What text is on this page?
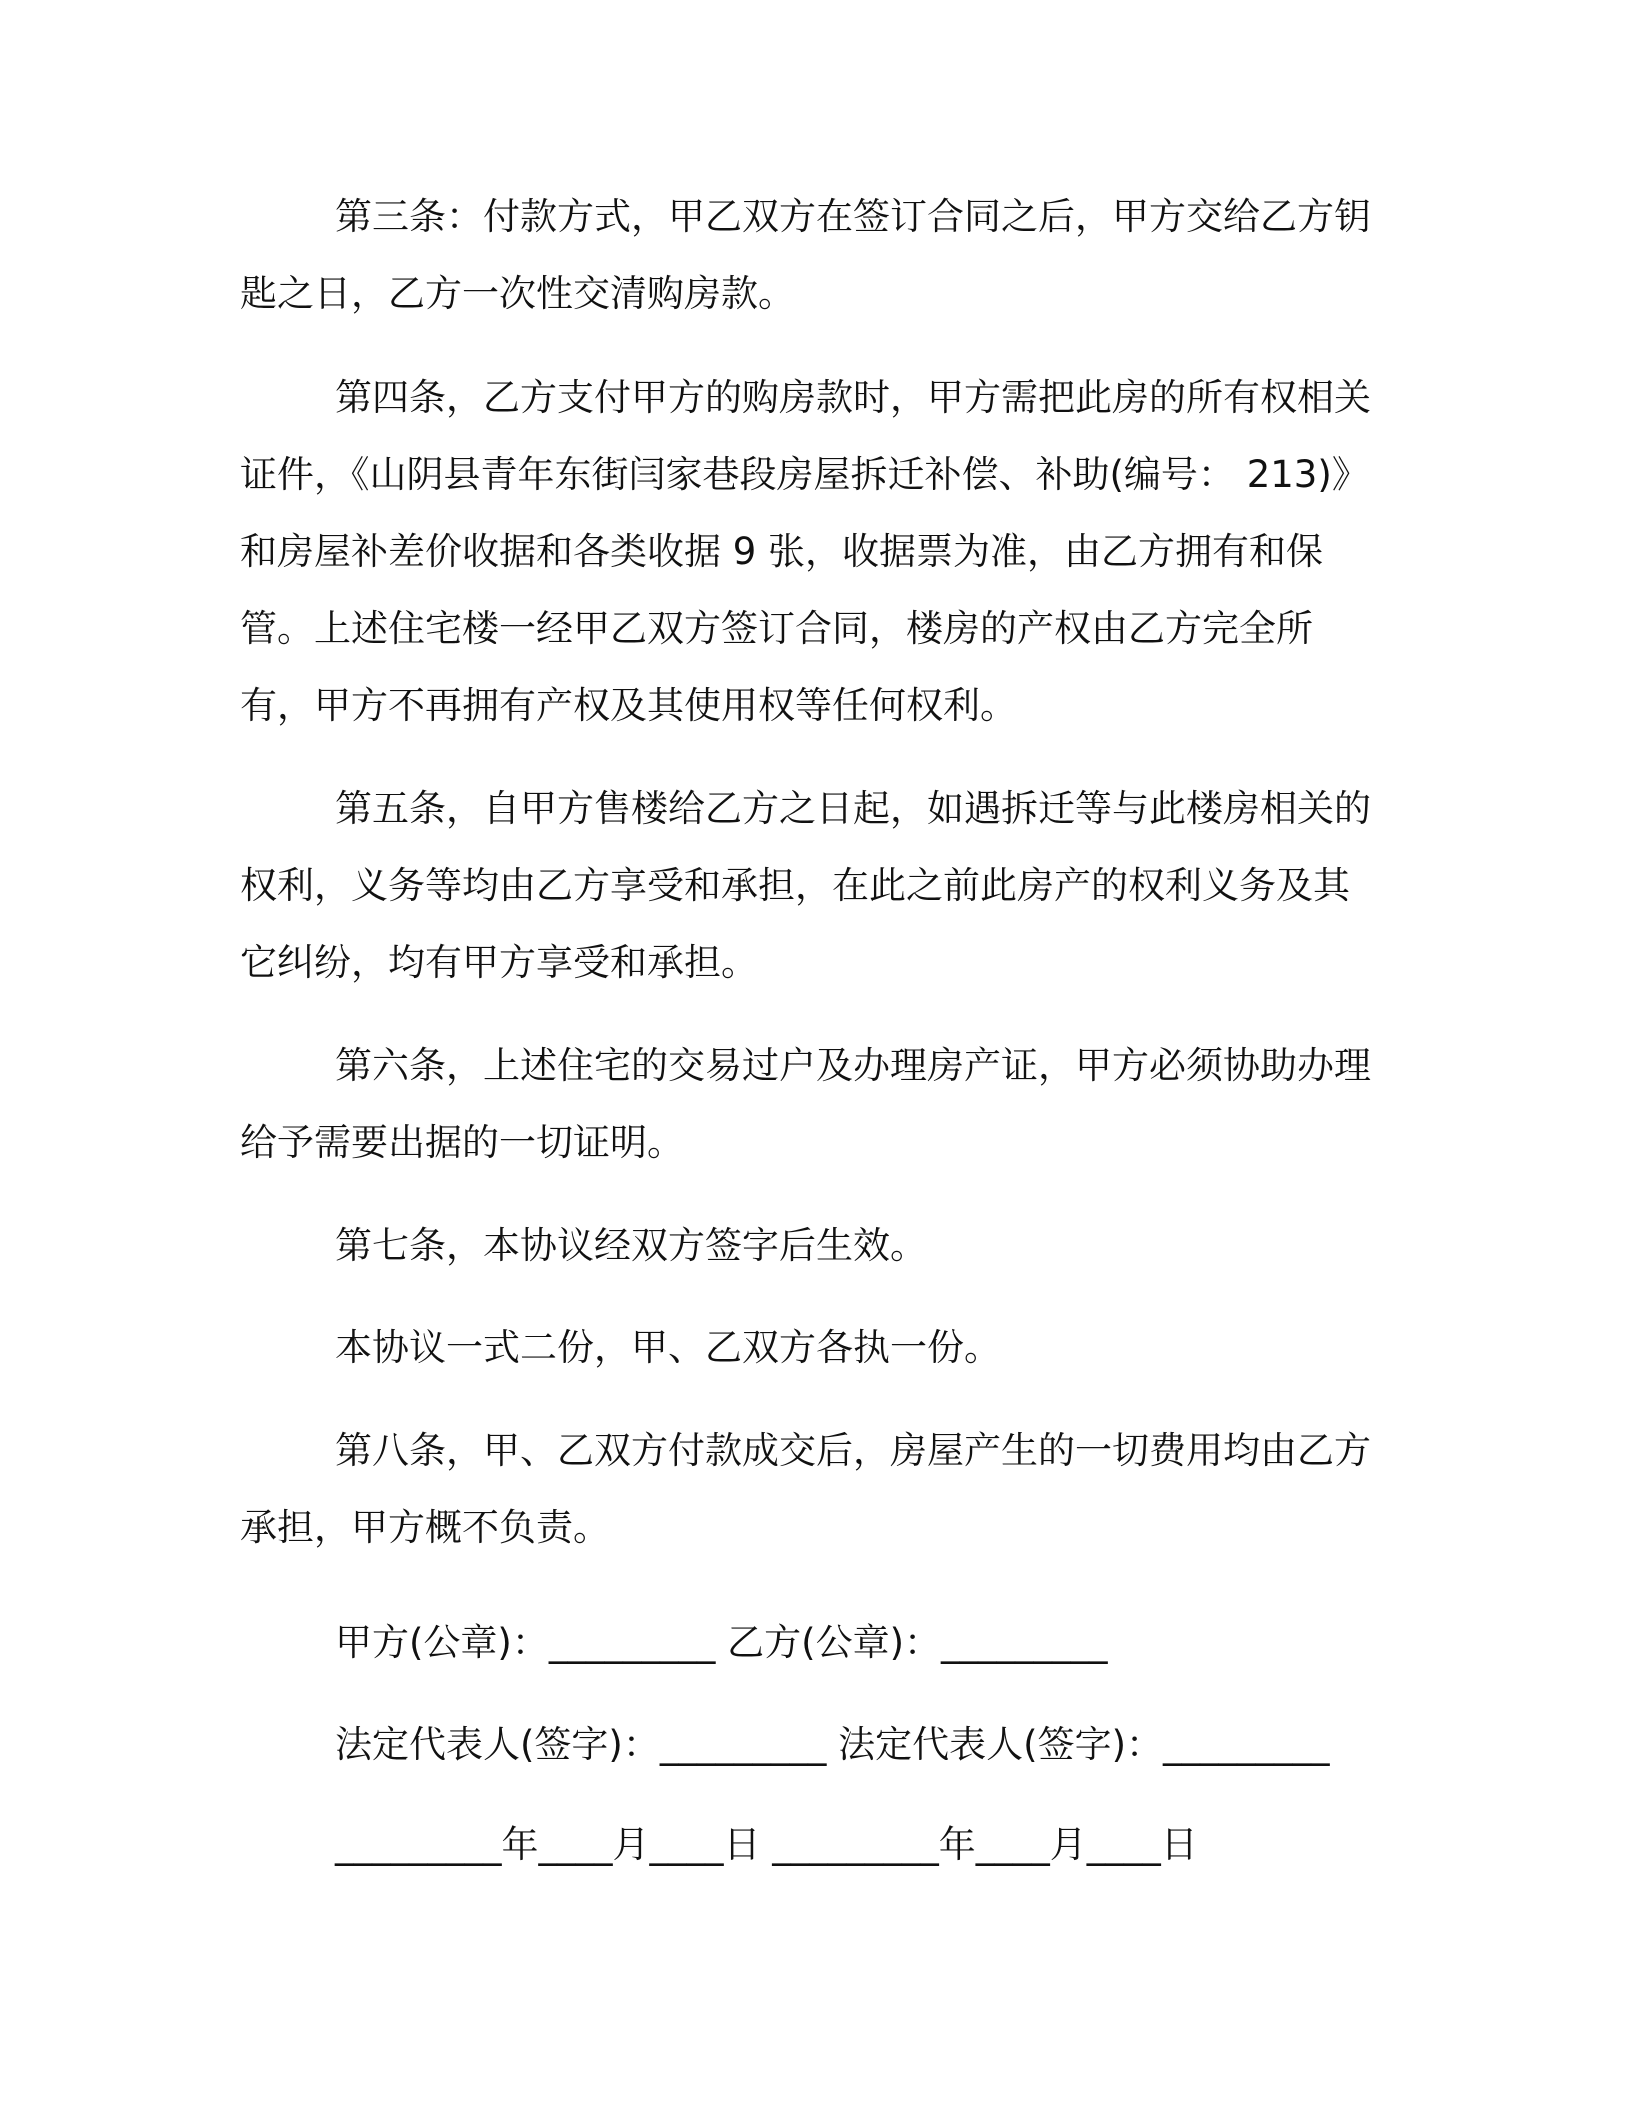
第三条：付款方式，甲乙双方在签订合同之后，甲方交给乙方钥匙之日，乙方一次性交清购房款。

第四条，乙方支付甲方的购房款时，甲方需把此房的所有权相关证件，《山阴县青年东街闫家巷段房屋拆迁补偿、补助(编号： 213)》和房屋补差价收据和各类收据 9 张，收据票为准，由乙方拥有和保管。上述住宅楼一经甲乙双方签订合同，楼房的产权由乙方完全所有，甲方不再拥有产权及其使用权等任何权利。

第五条，自甲方售楼给乙方之日起，如遇拆迁等与此楼房相关的权利，义务等均由乙方享受和承担，在此之前此房产的权利义务及其它纠纷，均有甲方享受和承担。

第六条，上述住宅的交易过户及办理房产证，甲方必须协助办理给予需要出据的一切证明。

第七条，本协议经双方签字后生效。

本协议一式二份，甲、乙双方各执一份。

第八条，甲、乙双方付款成交后，房屋产生的一切费用均由乙方承担，甲方概不负责。

甲方(公章)：_________ 乙方(公章)：_________

法定代表人(签字)：_________ 法定代表人(签字)：_________

_________年____月____日 _________年____月____日
